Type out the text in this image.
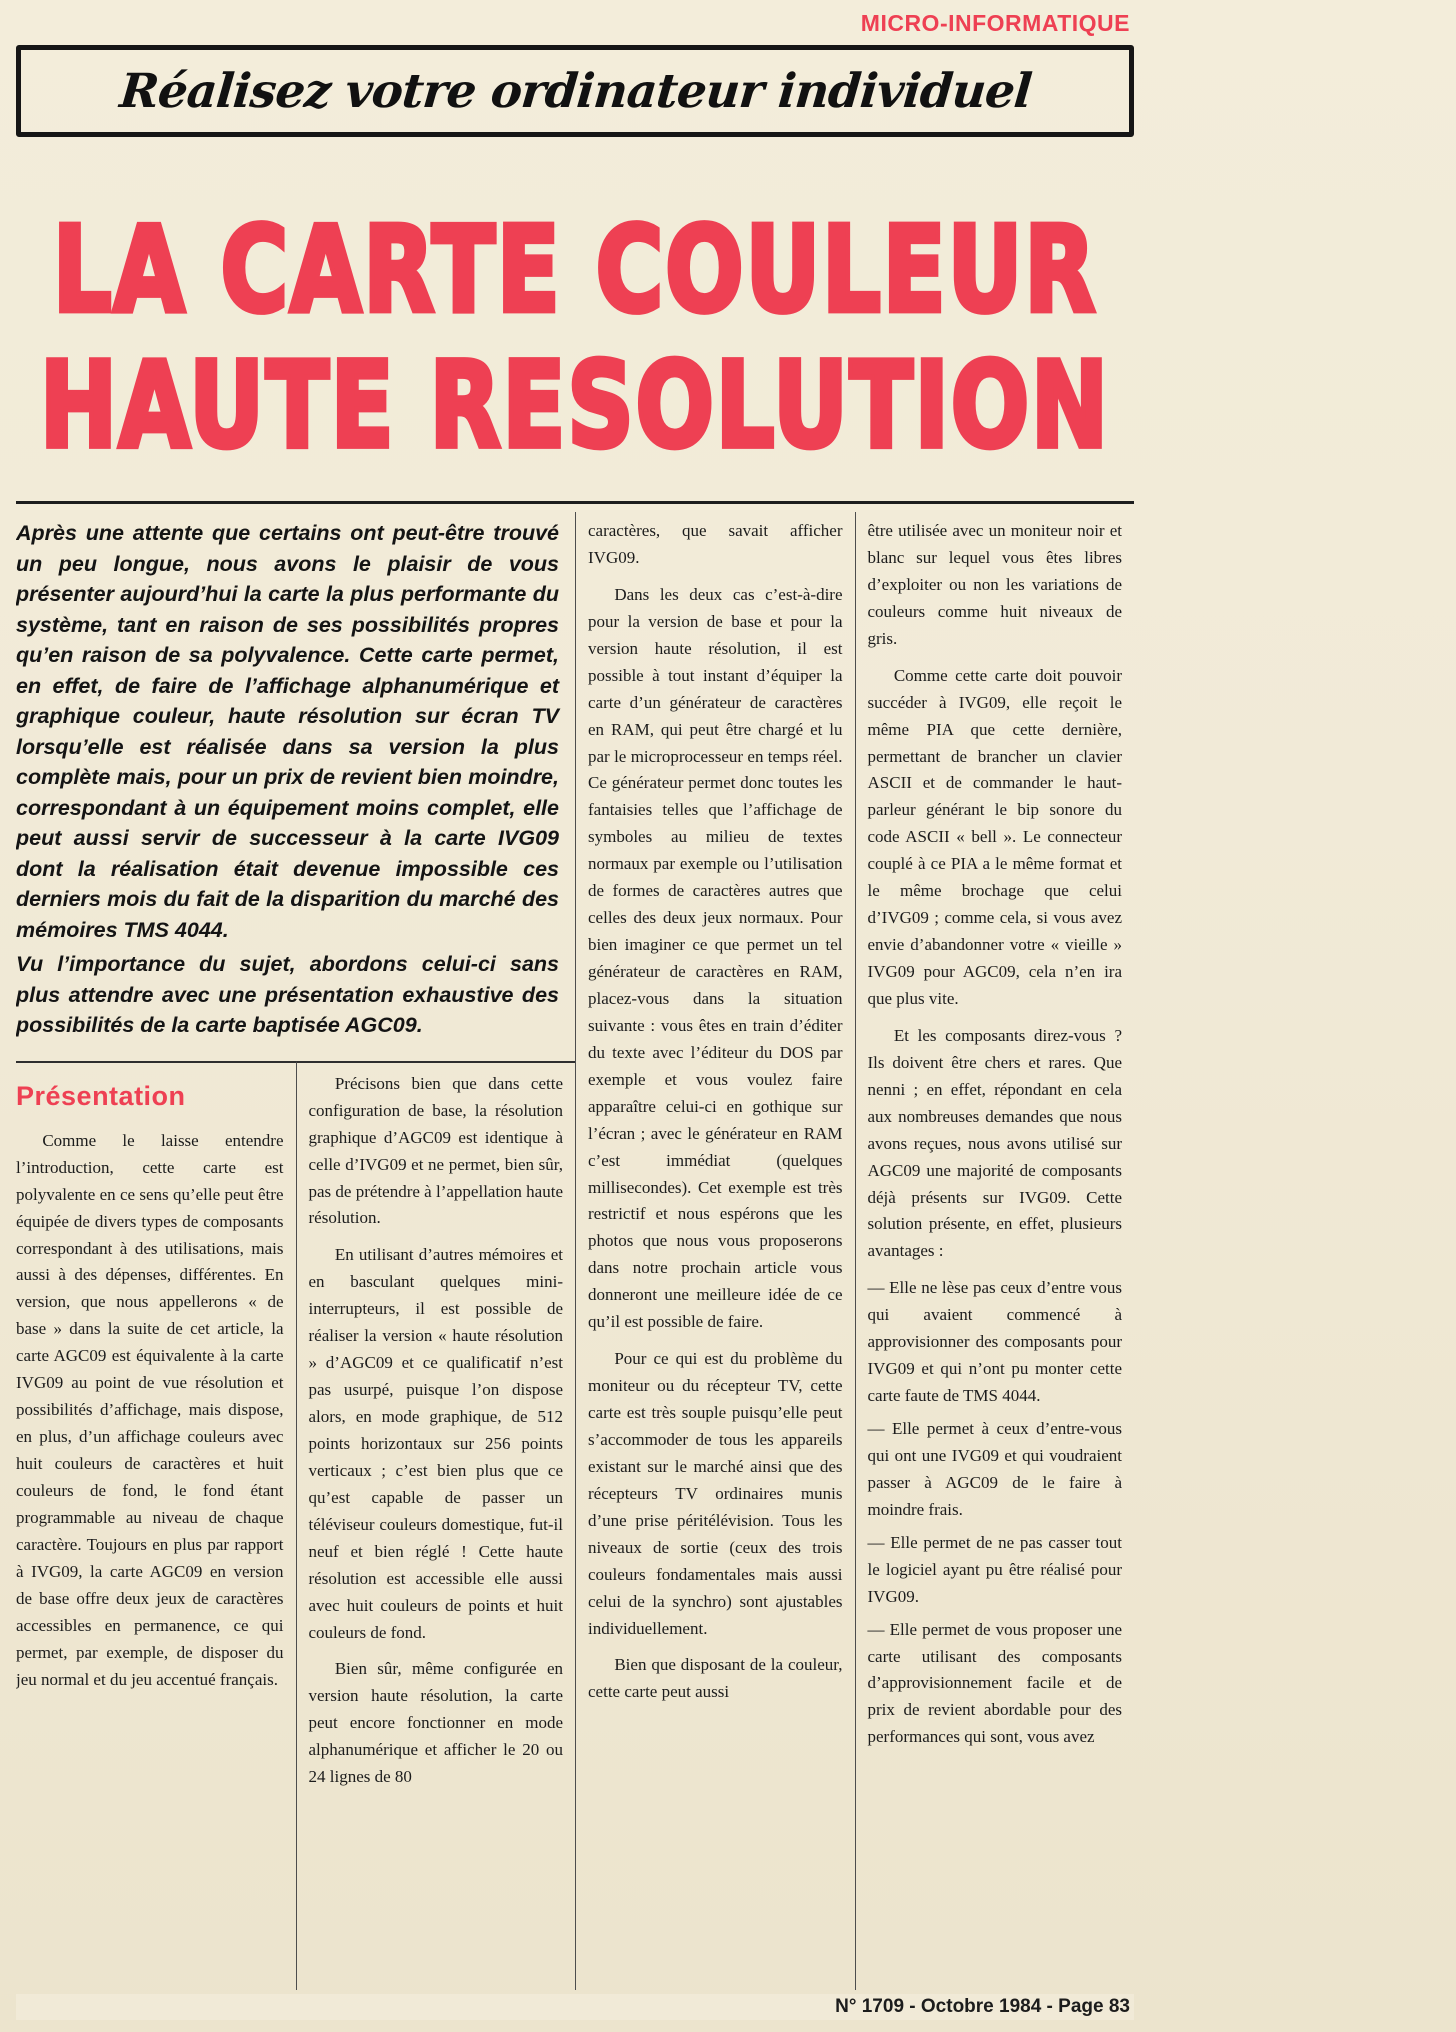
MICRO-INFORMATIQUE
Réalisez votre ordinateur individuel
LA CARTE COULEUR
HAUTE RESOLUTION

Après une attente que certains ont peut-être trouvé un peu longue, nous avons le plaisir de vous présenter aujourd’hui la carte la plus performante du système, tant en raison de ses possibilités propres qu’en raison de sa polyvalence. Cette carte permet, en effet, de faire de l’affichage alphanumérique et graphique couleur, haute résolution sur écran TV lorsqu’elle est réalisée dans sa version la plus complète mais, pour un prix de revient bien moindre, correspondant à un équipement moins complet, elle peut aussi servir de successeur à la carte IVG09 dont la réalisation était devenue impossible ces derniers mois du fait de la disparition du marché des mémoires TMS 4044.

Vu l’importance du sujet, abordons celui-ci sans plus attendre avec une présentation exhaustive des possibilités de la carte baptisée AGC09.

Présentation

Comme le laisse entendre l’introduction, cette carte est polyvalente en ce sens qu’elle peut être équipée de divers types de composants correspondant à des utilisations, mais aussi à des dépenses, différentes. En version, que nous appellerons « de base » dans la suite de cet article, la carte AGC09 est équivalente à la carte IVG09 au point de vue résolution et possibilités d’affichage, mais dispose, en plus, d’un affichage couleurs avec huit couleurs de caractères et huit couleurs de fond, le fond étant programmable au niveau de chaque caractère. Toujours en plus par rapport à IVG09, la carte AGC09 en version de base offre deux jeux de caractères accessibles en permanence, ce qui permet, par exemple, de disposer du jeu normal et du jeu accentué français.

Précisons bien que dans cette configuration de base, la résolution graphique d’AGC09 est identique à celle d’IVG09 et ne permet, bien sûr, pas de prétendre à l’appellation haute résolution.

En utilisant d’autres mémoires et en basculant quelques mini-interrupteurs, il est possible de réaliser la version « haute résolution » d’AGC09 et ce qualificatif n’est pas usurpé, puisque l’on dispose alors, en mode graphique, de 512 points horizontaux sur 256 points verticaux ; c’est bien plus que ce qu’est capable de passer un téléviseur couleurs domestique, fut-il neuf et bien réglé ! Cette haute résolution est accessible elle aussi avec huit couleurs de points et huit couleurs de fond.

Bien sûr, même configurée en version haute résolution, la carte peut encore fonctionner en mode alphanumérique et afficher le 20 ou 24 lignes de 80

caractères, que savait afficher IVG09.

Dans les deux cas c’est-à-dire pour la version de base et pour la version haute résolution, il est possible à tout instant d’équiper la carte d’un générateur de caractères en RAM, qui peut être chargé et lu par le microprocesseur en temps réel. Ce générateur permet donc toutes les fantaisies telles que l’affichage de symboles au milieu de textes normaux par exemple ou l’utilisation de formes de caractères autres que celles des deux jeux normaux. Pour bien imaginer ce que permet un tel générateur de caractères en RAM, placez-vous dans la situation suivante : vous êtes en train d’éditer du texte avec l’éditeur du DOS par exemple et vous voulez faire apparaître celui-ci en gothique sur l’écran ; avec le générateur en RAM c’est immédiat (quelques millisecondes). Cet exemple est très restrictif et nous espérons que les photos que nous vous proposerons dans notre prochain article vous donneront une meilleure idée de ce qu’il est possible de faire.

Pour ce qui est du problème du moniteur ou du récepteur TV, cette carte est très souple puisqu’elle peut s’accommoder de tous les appareils existant sur le marché ainsi que des récepteurs TV ordinaires munis d’une prise péritélévision. Tous les niveaux de sortie (ceux des trois couleurs fondamentales mais aussi celui de la synchro) sont ajustables individuellement.

Bien que disposant de la couleur, cette carte peut aussi

être utilisée avec un moniteur noir et blanc sur lequel vous êtes libres d’exploiter ou non les variations de couleurs comme huit niveaux de gris.

Comme cette carte doit pouvoir succéder à IVG09, elle reçoit le même PIA que cette dernière, permettant de brancher un clavier ASCII et de commander le haut-parleur générant le bip sonore du code ASCII « bell ». Le connecteur couplé à ce PIA a le même format et le même brochage que celui d’IVG09 ; comme cela, si vous avez envie d’abandonner votre « vieille » IVG09 pour AGC09, cela n’en ira que plus vite.

Et les composants direz-vous ? Ils doivent être chers et rares. Que nenni ; en effet, répondant en cela aux nombreuses demandes que nous avons reçues, nous avons utilisé sur AGC09 une majorité de composants déjà présents sur IVG09. Cette solution présente, en effet, plusieurs avantages :

— Elle ne lèse pas ceux d’entre vous qui avaient commencé à approvisionner des composants pour IVG09 et qui n’ont pu monter cette carte faute de TMS 4044.

— Elle permet à ceux d’entre-vous qui ont une IVG09 et qui voudraient passer à AGC09 de le faire à moindre frais.

— Elle permet de ne pas casser tout le logiciel ayant pu être réalisé pour IVG09.

— Elle permet de vous proposer une carte utilisant des composants d’approvisionnement facile et de prix de revient abordable pour des performances qui sont, vous avez

N° 1709 - Octobre 1984 - Page 83
